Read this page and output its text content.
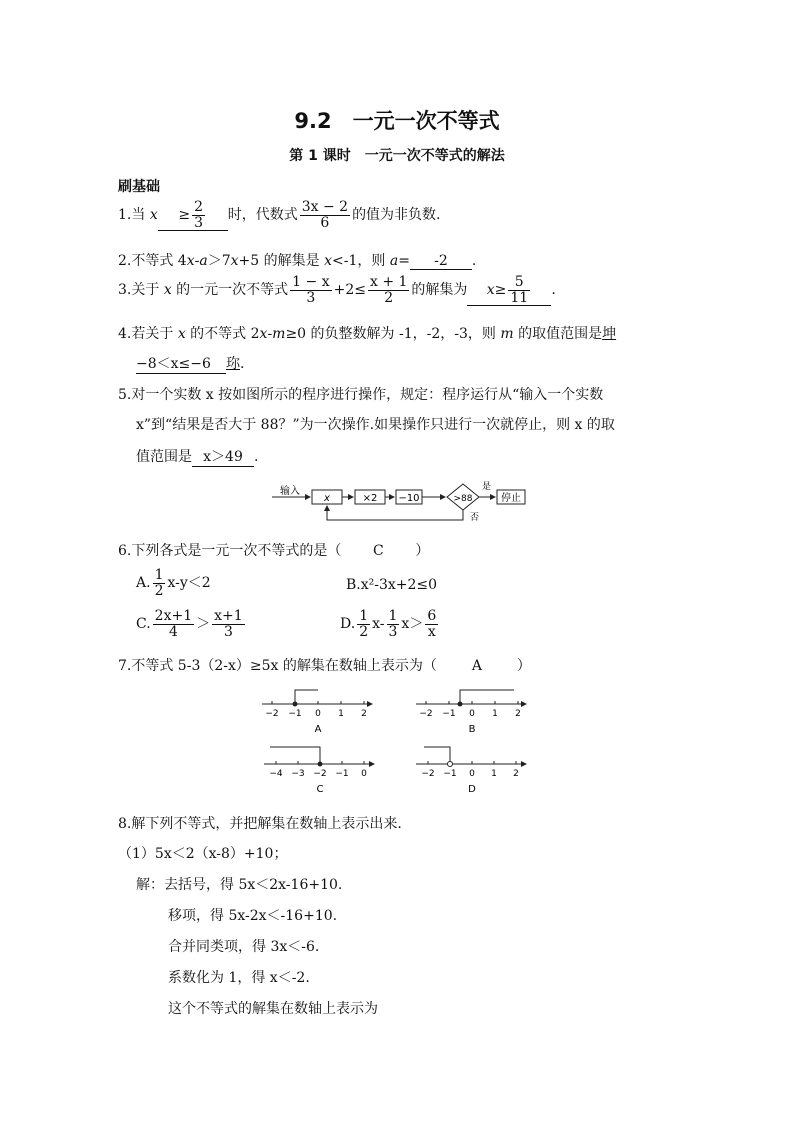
9.2　一元一次不等式
第 1 课时　一元一次不等式的解法
刷基础
1.当 $x \ge \frac{2}{3}$ 时，代数式 $\frac{3x - 2}{6}$ 的值为非负数.
2.不等式 4x-a＞7x+5 的解集是 x<-1，则 a= -2 .
3.关于 x 的一元一次不等式 $\frac{1 - x}{3} +2\le \frac{x + 1}{2}$ 的解集为 $x\ge \frac{5}{11}$ .
4.若关于 x 的不等式 2x-m≥0 的负整数解为 -1，-2，-3，则 m 的取值范围是坤
−8＜x≤−6 珎.
5.对一个实数 x 按如图所示的程序进行操作，规定：程序运行从“输入一个实数
x”到“结果是否大于 88？”为一次操作.如果操作只进行一次就停止，则 x 的取
值范围是 x＞49 .
输入
x	×2 −10	>88
是
停止
否
6.下列各式是一元一次不等式的是（ C ）
A. $\frac{1}{2} x-y<2$	B.x²-3x+2≤0
C. $\frac{2x+1}{4} > \frac{x+1}{3}$	D. $\frac{1}{2} x- \frac{1}{3} x> \frac{6}{x}$
7.不等式 5-3（2-x）≥5x 的解集在数轴上表示为（ A ）
−2 −1 0 1 2
A
−2 −1 0 1 2
B
−4 −3 −2 −1 0
C
−2 −1 0 1 2
D
8.解下列不等式，并把解集在数轴上表示出来.
（1）5x＜2（x-8）+10；
解：去括号，得 5x＜2x-16+10.
移项，得 5x-2x＜-16+10.
合并同类项，得 3x＜-6.
系数化为 1，得 x＜-2.
这个不等式的解集在数轴上表示为
